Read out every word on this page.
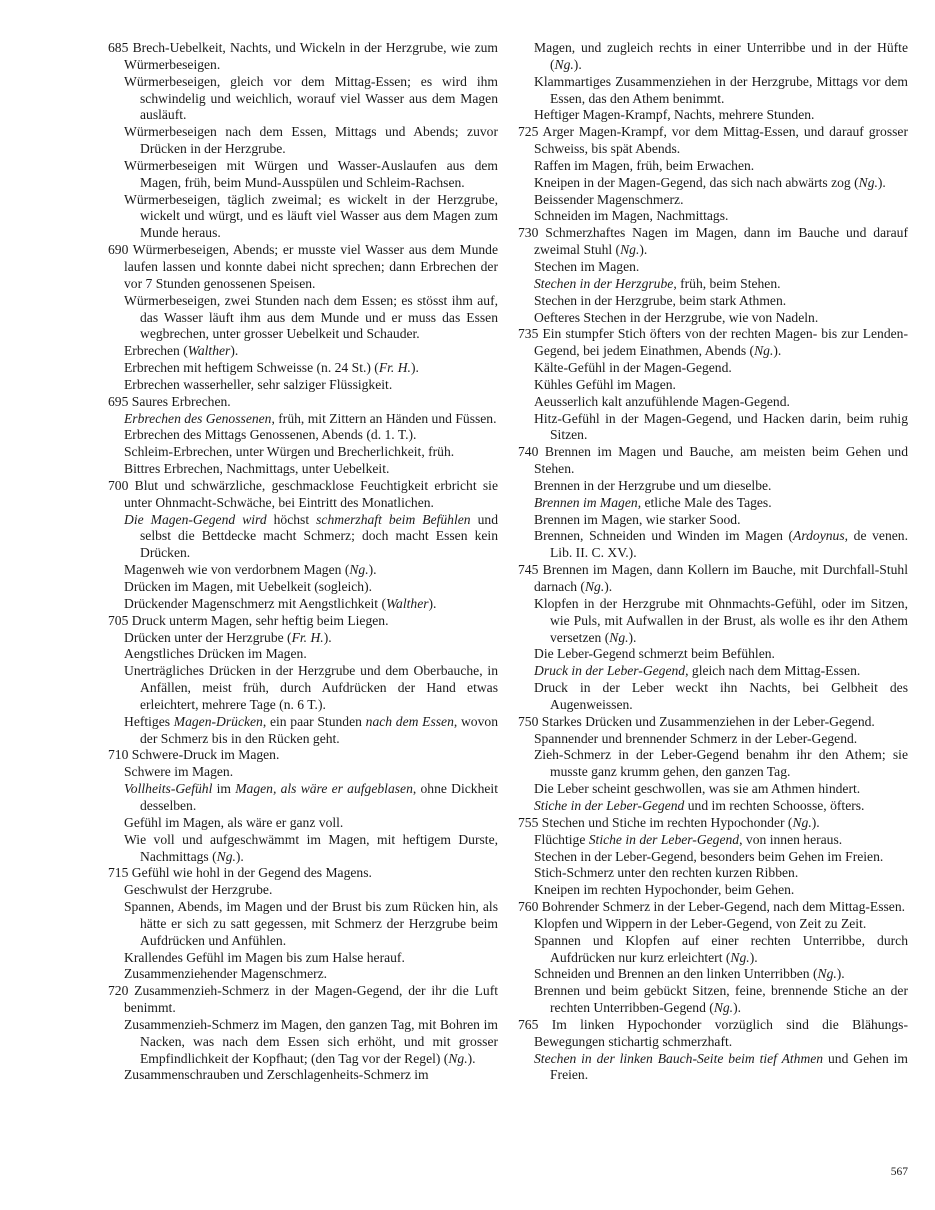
685 Brech-Uebelkeit, Nachts, und Wickeln in der Herzgrube, wie zum Würmerbeseigen.

Würmerbeseigen, gleich vor dem Mittag-Essen; es wird ihm schwindelig und weichlich, worauf viel Wasser aus dem Magen ausläuft.

Würmerbeseigen nach dem Essen, Mittags und Abends; zuvor Drücken in der Herzgrube.

Würmerbeseigen mit Würgen und Wasser-Auslaufen aus dem Magen, früh, beim Mund-Ausspülen und Schleim-Rachsen.

Würmerbeseigen, täglich zweimal; es wickelt in der Herzgrube, wickelt und würgt, und es läuft viel Wasser aus dem Magen zum Munde heraus.

690 Würmerbeseigen, Abends; er musste viel Wasser aus dem Munde laufen lassen und konnte dabei nicht sprechen; dann Erbrechen der vor 7 Stunden genossenen Speisen.

Würmerbeseigen, zwei Stunden nach dem Essen; es stösst ihm auf, das Wasser läuft ihm aus dem Munde und er muss das Essen wegbrechen, unter grosser Uebelkeit und Schauder.

Erbrechen (Walther).

Erbrechen mit heftigem Schweisse (n. 24 St.) (Fr. H.).

Erbrechen wasserheller, sehr salziger Flüssigkeit.

695 Saures Erbrechen.

Erbrechen des Genossenen, früh, mit Zittern an Händen und Füssen.

Erbrechen des Mittags Genossenen, Abends (d. 1. T.).

Schleim-Erbrechen, unter Würgen und Brecherlichkeit, früh.

Bittres Erbrechen, Nachmittags, unter Uebelkeit.

700 Blut und schwärzliche, geschmacklose Feuchtigkeit erbricht sie unter Ohnmacht-Schwäche, bei Eintritt des Monatlichen.

Die Magen-Gegend wird höchst schmerzhaft beim Befühlen und selbst die Bettdecke macht Schmerz; doch macht Essen kein Drücken.

Magenweh wie von verdorbnem Magen (Ng.).

Drücken im Magen, mit Uebelkeit (sogleich).

Drückender Magenschmerz mit Aengstlichkeit (Walther).

705 Druck unterm Magen, sehr heftig beim Liegen.

Drücken unter der Herzgrube (Fr. H.).

Aengstliches Drücken im Magen.

Unerträgliches Drücken in der Herzgrube und dem Oberbauche, in Anfällen, meist früh, durch Aufdrücken der Hand etwas erleichtert, mehrere Tage (n. 6 T.).

Heftiges Magen-Drücken, ein paar Stunden nach dem Essen, wovon der Schmerz bis in den Rücken geht.

710 Schwere-Druck im Magen.

Schwere im Magen.

Vollheits-Gefühl im Magen, als wäre er aufgeblasen, ohne Dickheit desselben.

Gefühl im Magen, als wäre er ganz voll.

Wie voll und aufgeschwämmt im Magen, mit heftigem Durste, Nachmittags (Ng.).

715 Gefühl wie hohl in der Gegend des Magens.

Geschwulst der Herzgrube.

Spannen, Abends, im Magen und der Brust bis zum Rücken hin, als hätte er sich zu satt gegessen, mit Schmerz der Herzgrube beim Aufdrücken und Anfühlen.

Krallendes Gefühl im Magen bis zum Halse herauf.

Zusammenziehender Magenschmerz.

720 Zusammenzieh-Schmerz in der Magen-Gegend, der ihr die Luft benimmt.

Zusammenzieh-Schmerz im Magen, den ganzen Tag, mit Bohren im Nacken, was nach dem Essen sich erhöht, und mit grosser Empfindlichkeit der Kopfhaut; (den Tag vor der Regel) (Ng.).

Zusammenschrauben und Zerschlagenheits-Schmerz im

Magen, und zugleich rechts in einer Unterribbe und in der Hüfte (Ng.).

Klammartiges Zusammenziehen in der Herzgrube, Mittags vor dem Essen, das den Athem benimmt.

Heftiger Magen-Krampf, Nachts, mehrere Stunden.

725 Arger Magen-Krampf, vor dem Mittag-Essen, und darauf grosser Schweiss, bis spät Abends.

Raffen im Magen, früh, beim Erwachen.

Kneipen in der Magen-Gegend, das sich nach abwärts zog (Ng.).

Beissender Magenschmerz.

Schneiden im Magen, Nachmittags.

730 Schmerzhaftes Nagen im Magen, dann im Bauche und darauf zweimal Stuhl (Ng.).

Stechen im Magen.

Stechen in der Herzgrube, früh, beim Stehen.

Stechen in der Herzgrube, beim stark Athmen.

Oefteres Stechen in der Herzgrube, wie von Nadeln.

735 Ein stumpfer Stich öfters von der rechten Magen- bis zur Lenden-Gegend, bei jedem Einathmen, Abends (Ng.).

Kälte-Gefühl in der Magen-Gegend.

Kühles Gefühl im Magen.

Aeusserlich kalt anzufühlende Magen-Gegend.

Hitz-Gefühl in der Magen-Gegend, und Hacken darin, beim ruhig Sitzen.

740 Brennen im Magen und Bauche, am meisten beim Gehen und Stehen.

Brennen in der Herzgrube und um dieselbe.

Brennen im Magen, etliche Male des Tages.

Brennen im Magen, wie starker Sood.

Brennen, Schneiden und Winden im Magen (Ardoynus, de venen. Lib. II. C. XV.).

745 Brennen im Magen, dann Kollern im Bauche, mit Durchfall-Stuhl darnach (Ng.).

Klopfen in der Herzgrube mit Ohnmachts-Gefühl, oder im Sitzen, wie Puls, mit Aufwallen in der Brust, als wolle es ihr den Athem versetzen (Ng.).

Die Leber-Gegend schmerzt beim Befühlen.

Druck in der Leber-Gegend, gleich nach dem Mittag-Essen.

Druck in der Leber weckt ihn Nachts, bei Gelbheit des Augenweissen.

750 Starkes Drücken und Zusammenziehen in der Leber-Gegend.

Spannender und brennender Schmerz in der Leber-Gegend.

Zieh-Schmerz in der Leber-Gegend benahm ihr den Athem; sie musste ganz krumm gehen, den ganzen Tag.

Die Leber scheint geschwollen, was sie am Athmen hindert.

Stiche in der Leber-Gegend und im rechten Schoosse, öfters.

755 Stechen und Stiche im rechten Hypochonder (Ng.).

Flüchtige Stiche in der Leber-Gegend, von innen heraus.

Stechen in der Leber-Gegend, besonders beim Gehen im Freien.

Stich-Schmerz unter den rechten kurzen Ribben.

Kneipen im rechten Hypochonder, beim Gehen.

760 Bohrender Schmerz in der Leber-Gegend, nach dem Mittag-Essen.

Klopfen und Wippern in der Leber-Gegend, von Zeit zu Zeit.

Spannen und Klopfen auf einer rechten Unterribbe, durch Aufdrücken nur kurz erleichtert (Ng.).

Schneiden und Brennen an den linken Unterribben (Ng.).

Brennen und beim gebückt Sitzen, feine, brennende Stiche an der rechten Unterribben-Gegend (Ng.).

765 Im linken Hypochonder vorzüglich sind die Blähungs-Bewegungen stichartig schmerzhaft.

Stechen in der linken Bauch-Seite beim tief Athmen und Gehen im Freien.

567
